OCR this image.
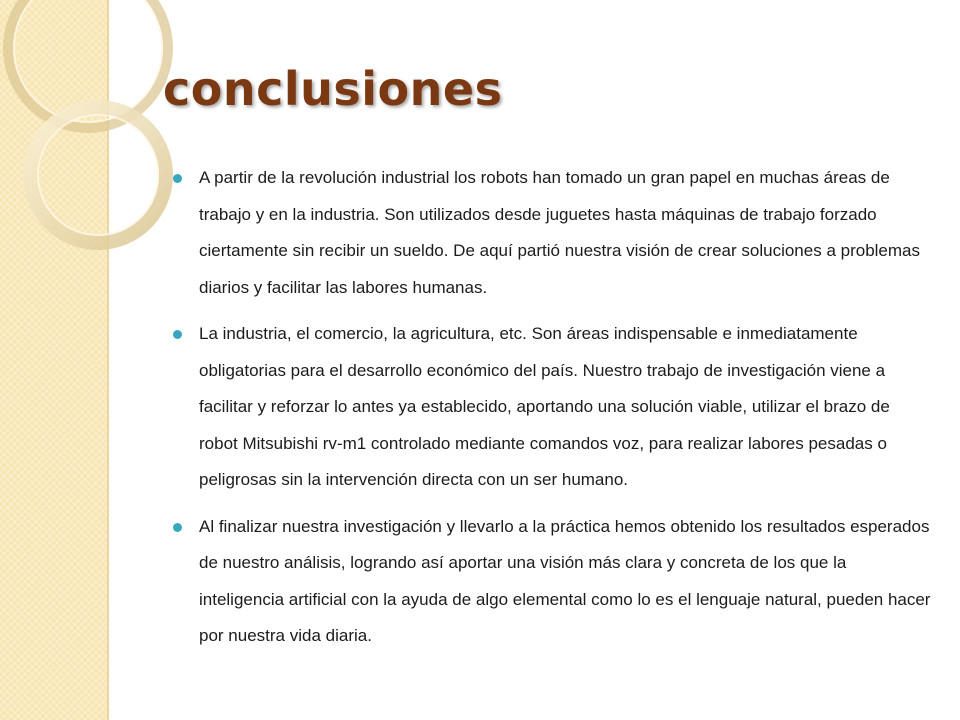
conclusiones
A partir de la revolución industrial los robots han tomado un gran papel en muchas áreas de trabajo y en la industria. Son utilizados desde juguetes hasta máquinas de trabajo forzado ciertamente sin recibir un sueldo. De aquí partió nuestra visión de crear soluciones a problemas diarios y facilitar las labores humanas.
La industria, el comercio, la agricultura, etc. Son áreas indispensable e inmediatamente obligatorias para el desarrollo económico del país. Nuestro trabajo de investigación viene a facilitar y reforzar lo antes ya establecido, aportando una solución viable, utilizar el brazo de robot Mitsubishi rv-m1 controlado mediante comandos voz, para realizar labores pesadas o peligrosas sin la intervención directa con un ser humano.
Al finalizar nuestra investigación y llevarlo a la práctica hemos obtenido los resultados esperados de nuestro análisis, logrando así aportar una visión más clara y concreta de los que la inteligencia artificial con la ayuda de algo elemental como lo es el lenguaje natural, pueden hacer por nuestra vida diaria.
